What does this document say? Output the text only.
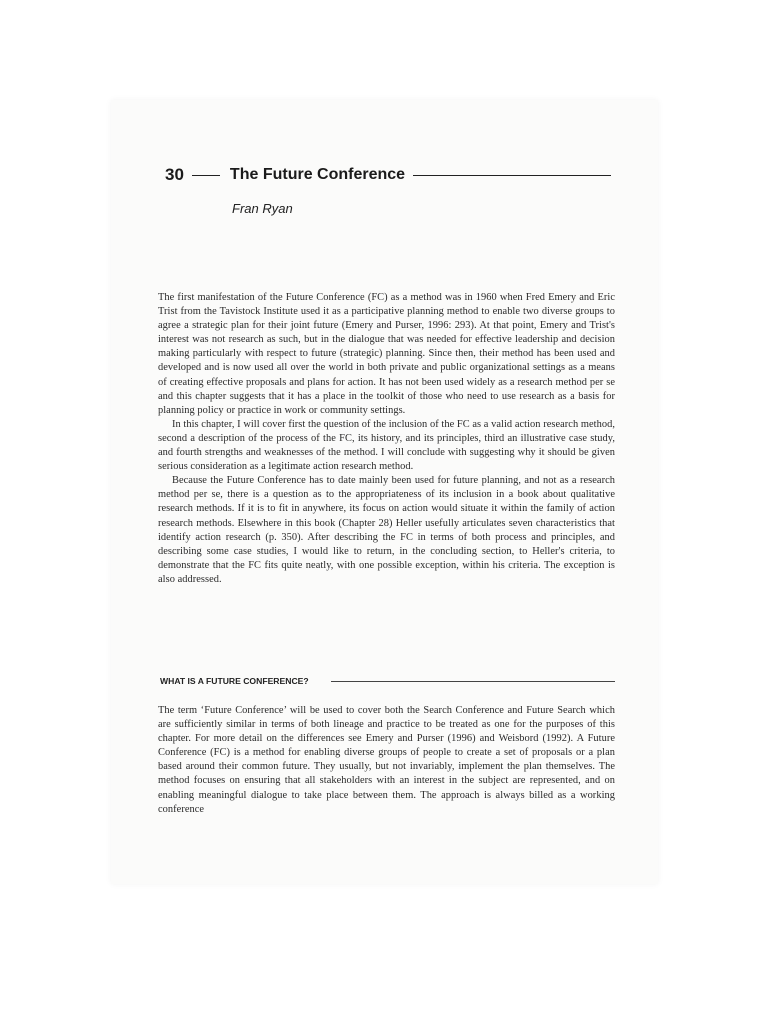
30	The Future Conference
Fran Ryan

The first manifestation of the Future Conference (FC) as a method was in 1960 when Fred Emery and Eric Trist from the Tavistock Institute used it as a participative planning method to enable two diverse groups to agree a strategic plan for their joint future (Emery and Purser, 1996: 293). At that point, Emery and Trist's interest was not research as such, but in the dialogue that was needed for effective leadership and decision making particularly with respect to future (strategic) planning. Since then, their method has been used and developed and is now used all over the world in both private and public organizational settings as a means of creating effective proposals and plans for action. It has not been used widely as a research method per se and this chapter suggests that it has a place in the toolkit of those who need to use research as a basis for planning policy or practice in work or community settings.

In this chapter, I will cover first the question of the inclusion of the FC as a valid action research method, second a description of the process of the FC, its history, and its principles, third an illustrative case study, and fourth strengths and weaknesses of the method. I will conclude with suggesting why it should be given serious consideration as a legitimate action research method.

Because the Future Conference has to date mainly been used for future planning, and not as a research method per se, there is a question as to the appropriateness of its inclusion in a book about qualitative research methods. If it is to fit in anywhere, its focus on action would situate it within the family of action research methods. Elsewhere in this book (Chapter 28) Heller usefully articulates seven characteristics that identify action research (p. 350). After describing the FC in terms of both process and principles, and describing some case studies, I would like to return, in the concluding section, to Heller's criteria, to demonstrate that the FC fits quite neatly, with one possible exception, within his criteria. The exception is also addressed.

WHAT IS A FUTURE CONFERENCE?

The term ‘Future Conference’ will be used to cover both the Search Conference and Future Search which are sufficiently similar in terms of both lineage and practice to be treated as one for the purposes of this chapter. For more detail on the differences see Emery and Purser (1996) and Weisbord (1992). A Future Conference (FC) is a method for enabling diverse groups of people to create a set of proposals or a plan based around their common future. They usually, but not invariably, implement the plan themselves. The method focuses on ensuring that all stakeholders with an interest in the subject are represented, and on enabling meaningful dialogue to take place between them. The approach is always billed as a working conference
